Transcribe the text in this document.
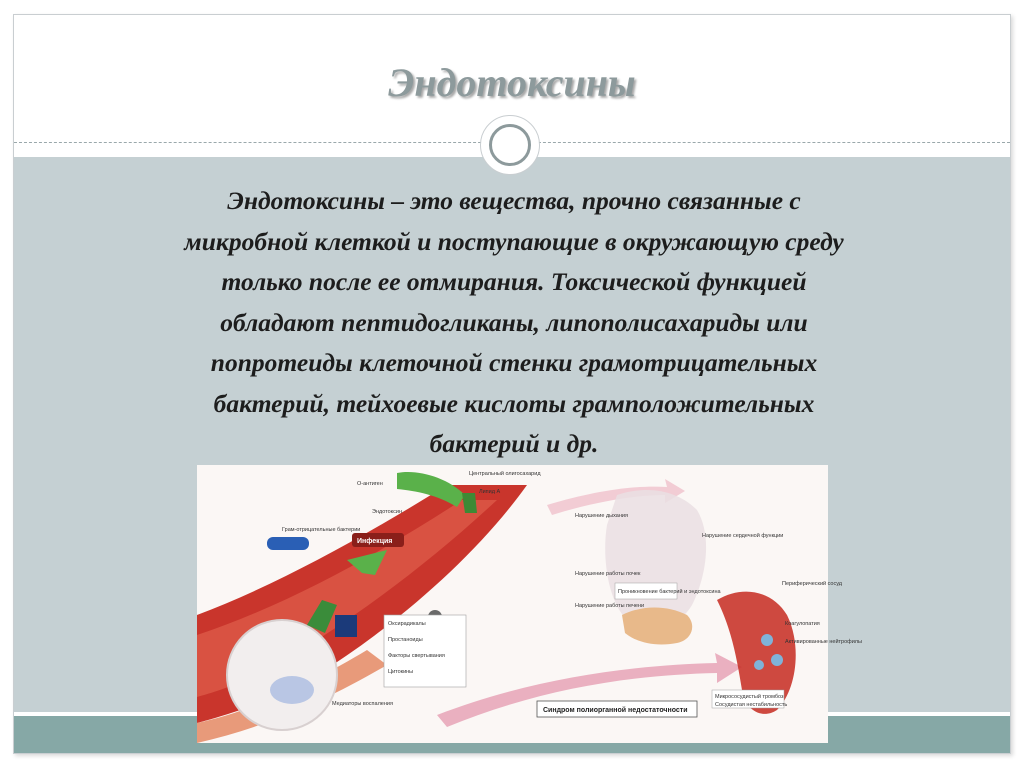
Эндотоксины
Эндотоксины – это вещества, прочно связанные с
микробной клеткой и поступающие в окружающую среду
только после ее отмирания. Токсической функцией
обладают пептидогликаны, липополисахариды или
попротеиды клеточной стенки грамотрицательных
бактерий, тейхоевые кислоты грамположительных
бактерий и др.
Инфекция
Оксирадикалы
Простаноиды
Факторы свертывания
Цитокины
Грам-отрицательные бактерии
О-антиген
Эндотоксин
Центральный олигосахарид
Липид A
Медиаторы воспаления
Нарушение дыхания
Нарушение сердечной функции
Нарушение работы почек
Нарушение работы печени
Проникновение бактерий и эндотоксина
Периферический сосуд
Коагулопатия
Активированные нейтрофилы
Микрососудистый тромбоз
Сосудистая нестабильность
Синдром полиорганной недостаточности
